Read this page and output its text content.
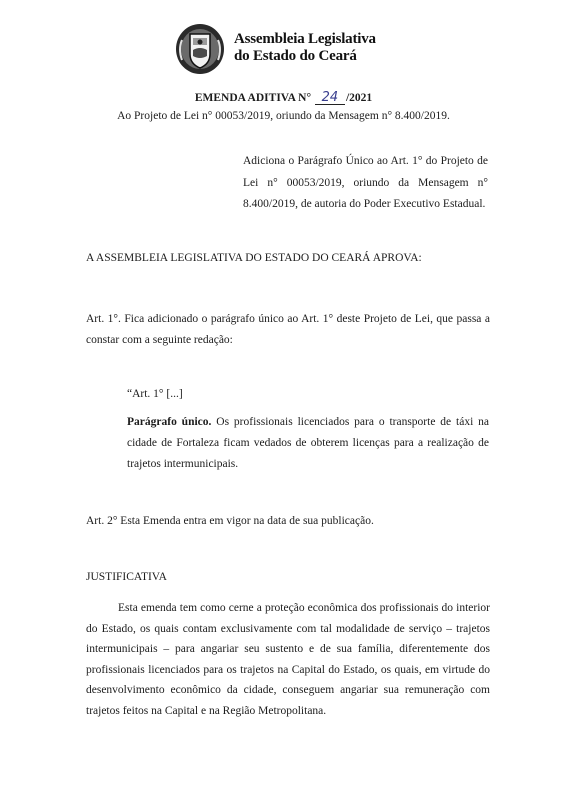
Assembleia Legislativa
do Estado do Ceará
EMENDA ADITIVA N° 24 /2021
Ao Projeto de Lei n° 00053/2019, oriundo da Mensagem n° 8.400/2019.
Adiciona o Parágrafo Único ao Art. 1° do Projeto de Lei n° 00053/2019, oriundo da Mensagem n° 8.400/2019, de autoria do Poder Executivo Estadual.
A ASSEMBLEIA LEGISLATIVA DO ESTADO DO CEARÁ APROVA:
Art. 1°. Fica adicionado o parágrafo único ao Art. 1° deste Projeto de Lei, que passa a constar com a seguinte redação:
“Art. 1° [...]
Parágrafo único. Os profissionais licenciados para o transporte de táxi na cidade de Fortaleza ficam vedados de obterem licenças para a realização de trajetos intermunicipais.
Art. 2° Esta Emenda entra em vigor na data de sua publicação.
JUSTIFICATIVA
Esta emenda tem como cerne a proteção econômica dos profissionais do interior do Estado, os quais contam exclusivamente com tal modalidade de serviço – trajetos intermunicipais – para angariar seu sustento e de sua família, diferentemente dos profissionais licenciados para os trajetos na Capital do Estado, os quais, em virtude do desenvolvimento econômico da cidade, conseguem angariar sua remuneração com trajetos feitos na Capital e na Região Metropolitana.
